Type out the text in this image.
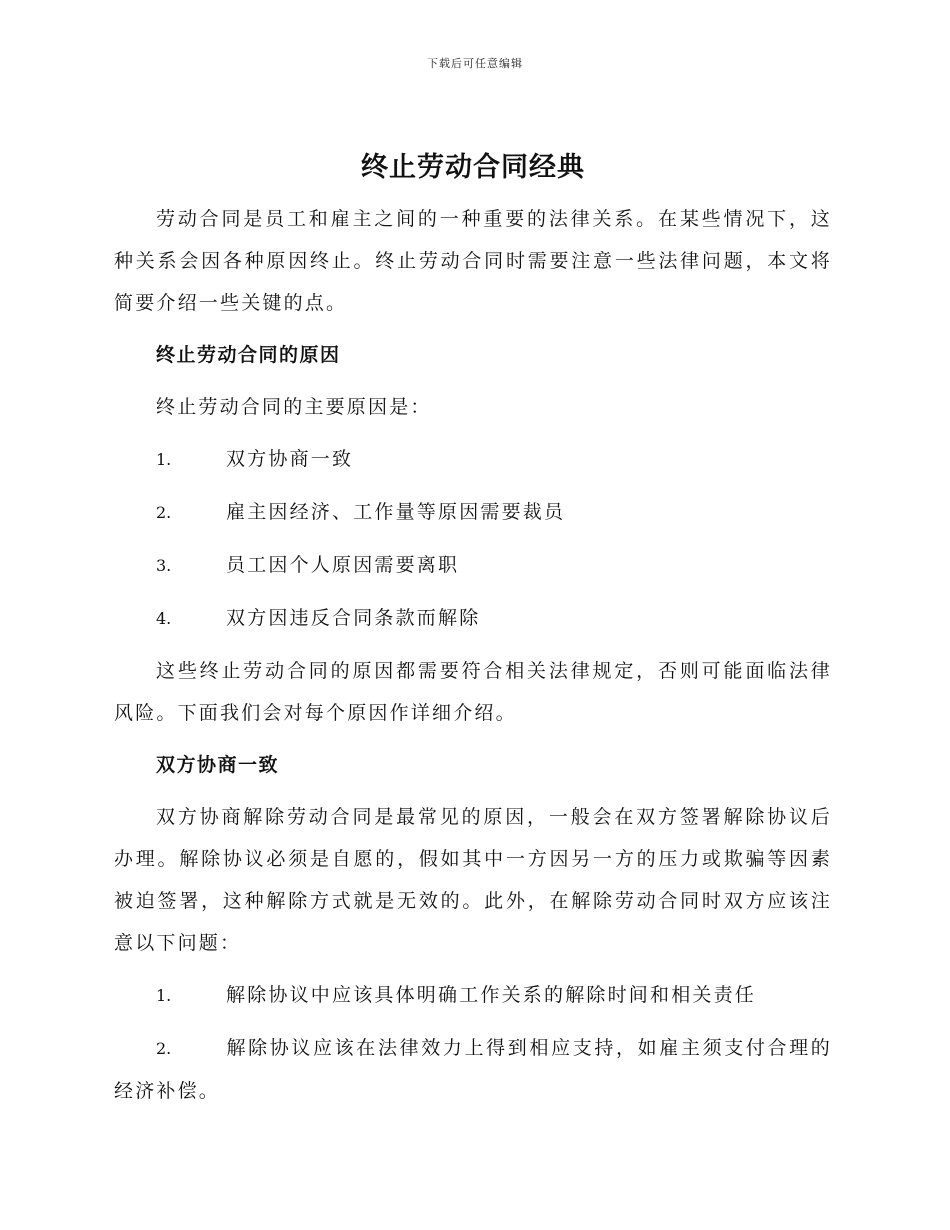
下载后可任意编辑
终止劳动合同经典

劳动合同是员工和雇主之间的一种重要的法律关系。在某些情况下，这种关系会因各种原因终止。终止劳动合同时需要注意一些法律问题，本文将简要介绍一些关键的点。

终止劳动合同的原因
终止劳动合同的主要原因是：
1.	双方协商一致
2.	雇主因经济、工作量等原因需要裁员
3.	员工因个人原因需要离职
4.	双方因违反合同条款而解除

这些终止劳动合同的原因都需要符合相关法律规定，否则可能面临法律风险。下面我们会对每个原因作详细介绍。

双方协商一致

双方协商解除劳动合同是最常见的原因，一般会在双方签署解除协议后办理。解除协议必须是自愿的，假如其中一方因另一方的压力或欺骗等因素被迫签署，这种解除方式就是无效的。此外，在解除劳动合同时双方应该注意以下问题：

1.	解除协议中应该具体明确工作关系的解除时间和相关责任
2.	解除协议应该在法律效力上得到相应支持，如雇主须支付合理的经济补偿。
